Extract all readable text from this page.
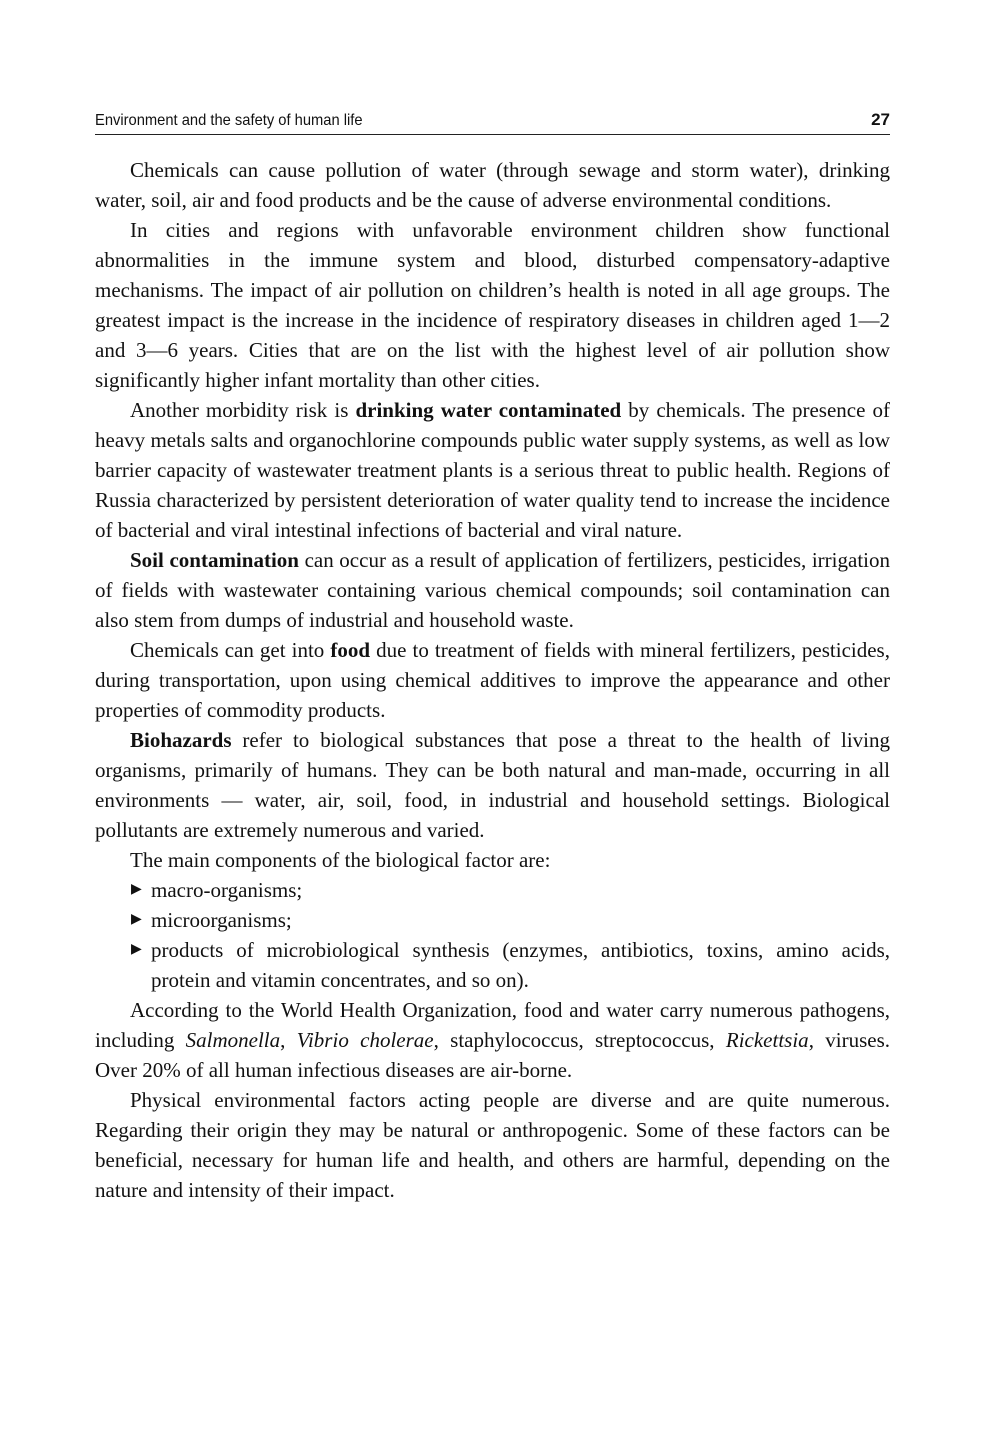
Environment and the safety of human life	27

Chemicals can cause pollution of water (through sewage and storm water), drinking water, soil, air and food products and be the cause of adverse environmental conditions.

In cities and regions with unfavorable environment children show functional abnormalities in the immune system and blood, disturbed compensatory-adaptive mechanisms. The impact of air pollution on children’s health is noted in all age groups. The greatest impact is the increase in the incidence of respiratory diseases in children aged 1—2 and 3—6 years. Cities that are on the list with the highest level of air pollution show significantly higher infant mortality than other cities.

Another morbidity risk is drinking water contaminated by chemicals. The presence of heavy metals salts and organochlorine compounds public water supply systems, as well as low barrier capacity of wastewater treatment plants is a serious threat to public health. Regions of Russia characterized by persistent deterioration of water quality tend to increase the incidence of bacterial and viral intestinal infections of bacterial and viral nature.

Soil contamination can occur as a result of application of fertilizers, pesticides, irrigation of fields with wastewater containing various chemical compounds; soil contamination can also stem from dumps of industrial and household waste.

Chemicals can get into food due to treatment of fields with mineral fertilizers, pesticides, during transportation, upon using chemical additives to improve the appearance and other properties of commodity products.

Biohazards refer to biological substances that pose a threat to the health of living organisms, primarily of humans. They can be both natural and man-made, occurring in all environments — water, air, soil, food, in industrial and household settings. Biological pollutants are extremely numerous and varied.

The main components of the biological factor are:

▶ macro-organisms;
▶ microorganisms;
▶ products of microbiological synthesis (enzymes, antibiotics, toxins, amino acids, protein and vitamin concentrates, and so on).

According to the World Health Organization, food and water carry numerous pathogens, including Salmonella, Vibrio cholerae, staphylococcus, streptococcus, Rickettsia, viruses. Over 20% of all human infectious diseases are air-borne.

Physical environmental factors acting people are diverse and are quite numerous. Regarding their origin they may be natural or anthropogenic. Some of these factors can be beneficial, necessary for human life and health, and others are harmful, depending on the nature and intensity of their impact.
